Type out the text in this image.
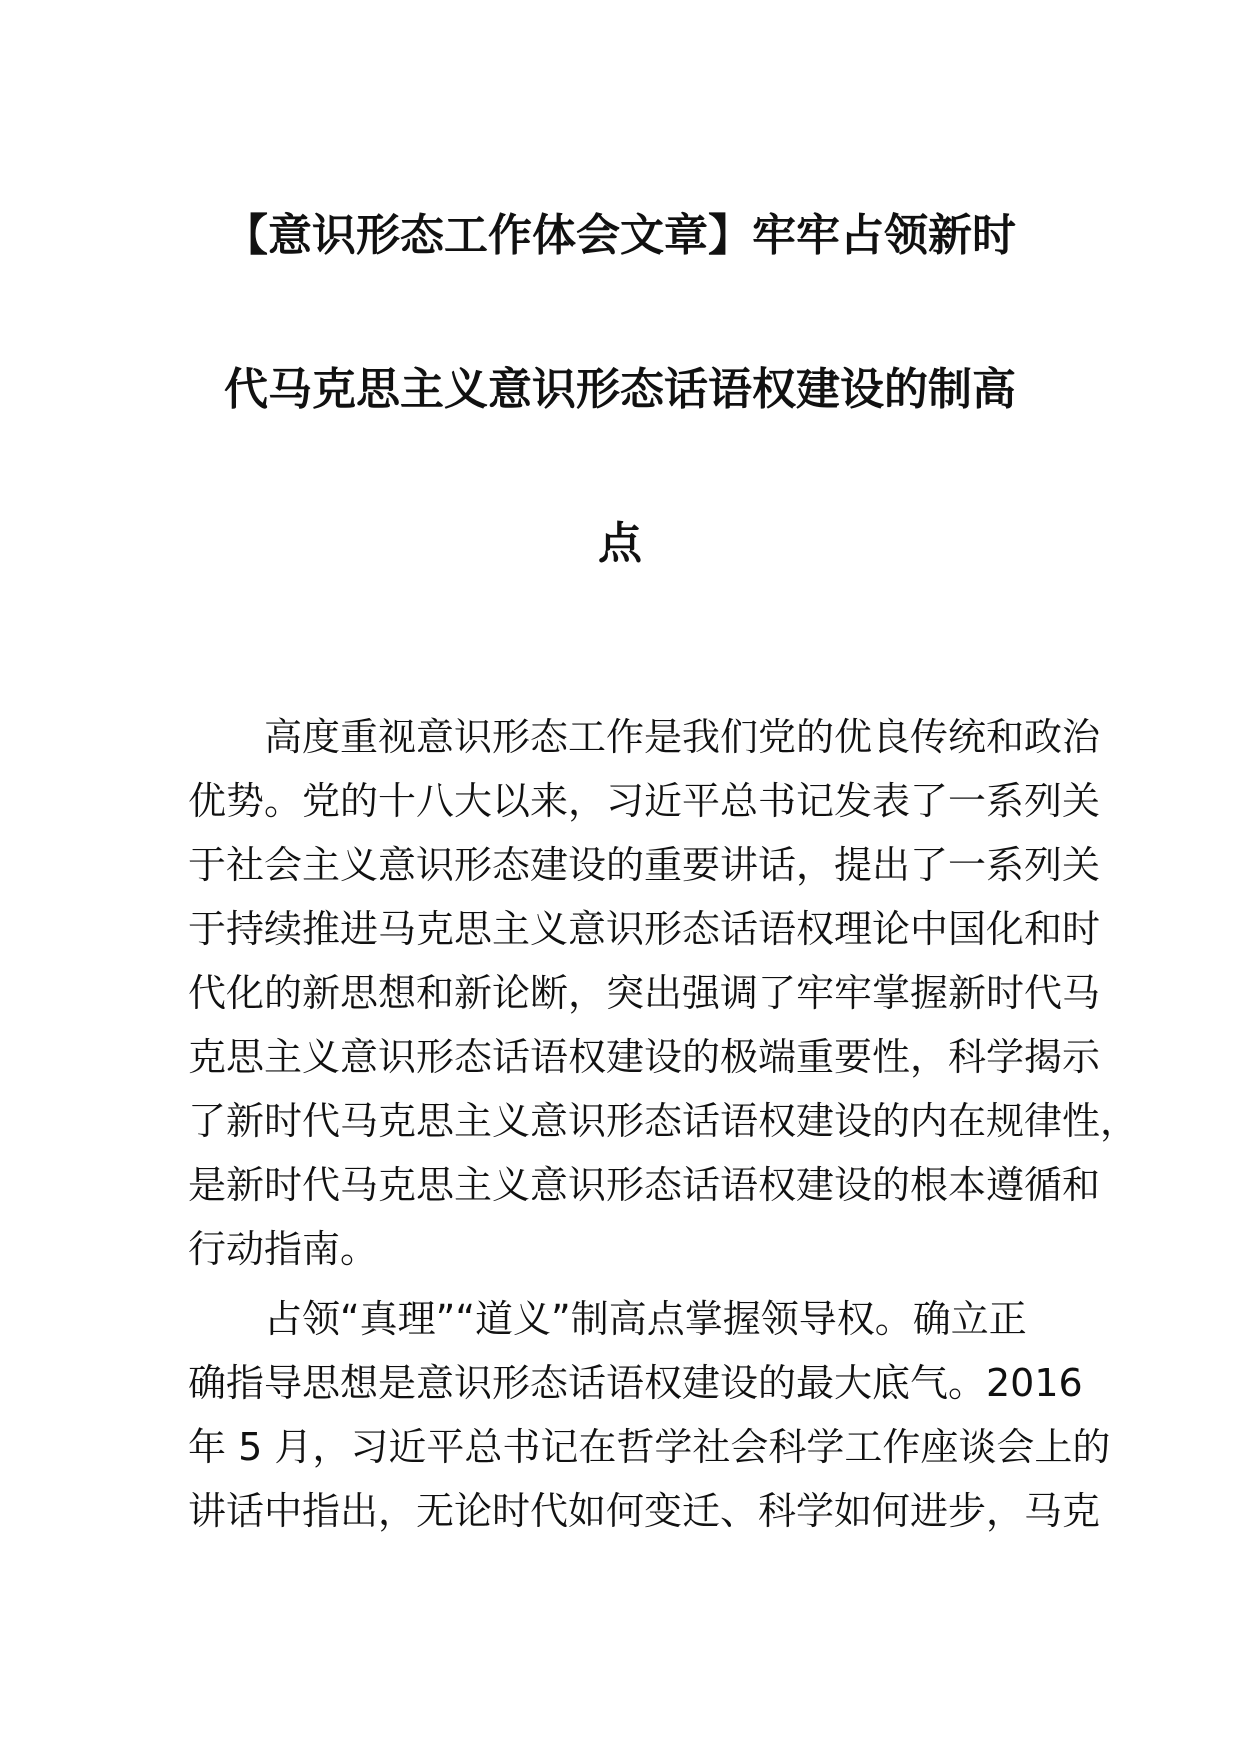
【意识形态工作体会文章】牢牢占领新时
代马克思主义意识形态话语权建设的制高
点
　　高度重视意识形态工作是我们党的优良传统和政治
优势。党的十八大以来，习近平总书记发表了一系列关
于社会主义意识形态建设的重要讲话，提出了一系列关
于持续推进马克思主义意识形态话语权理论中国化和时
代化的新思想和新论断，突出强调了牢牢掌握新时代马
克思主义意识形态话语权建设的极端重要性，科学揭示
了新时代马克思主义意识形态话语权建设的内在规律性，
是新时代马克思主义意识形态话语权建设的根本遵循和
行动指南。
　　占领“真理”“道义”制高点掌握领导权。确立正
确指导思想是意识形态话语权建设的最大底气。2016
年 5 月，习近平总书记在哲学社会科学工作座谈会上的
讲话中指出，无论时代如何变迁、科学如何进步，马克
